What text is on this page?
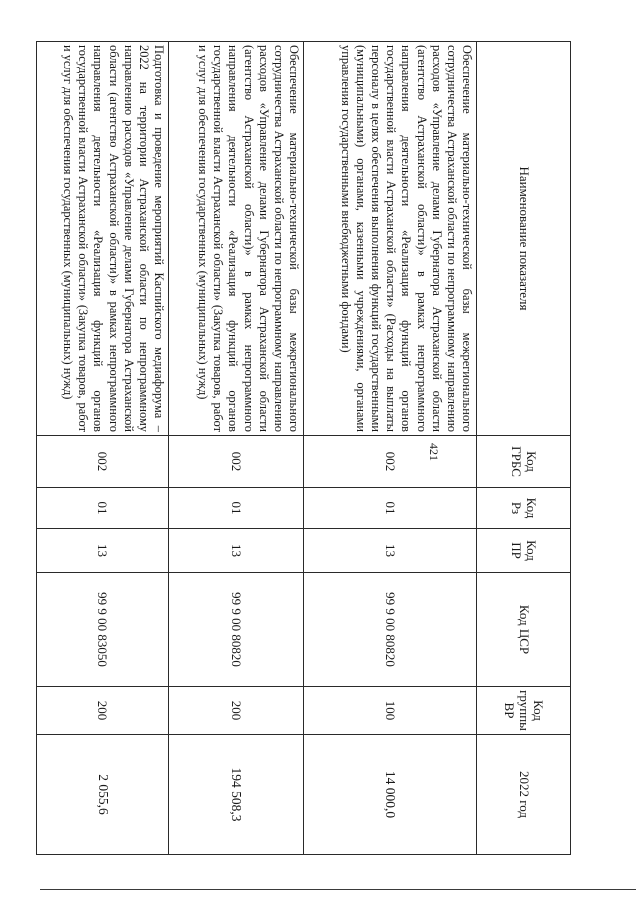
421
Наименование показателя	Код ГРБС	Код Рз	Код ПР	Код ЦСР	Код группы ВР	2022 год
Обеспечение материально-технической базы межрегионального сотрудничества Астраханской области по непрограммному направлению расходов «Управление делами Губернатора Астраханской области (агентство Астраханской области)» в рамках непрограммного направления деятельности «Реализация функций органов государственной власти Астраханской области» (Расходы на выплаты персоналу в целях обеспечения выполнения функций государственными (муниципальными) органами, казенными учреждениями, органами управления государственными внебюджетными фондами)	002	01	13	99 9 00 80820	100	14 000,0
Обеспечение материально-технической базы межрегионального сотрудничества Астраханской области по непрограммному направлению расходов «Управление делами Губернатора Астраханской области (агентство Астраханской области)» в рамках непрограммного направления деятельности «Реализация функций органов государственной власти Астраханской области» (Закупка товаров, работ и услуг для обеспечения государственных (муниципальных) нужд)	002	01	13	99 9 00 80820	200	194 508,3
Подготовка и проведение мероприятий Каспийского медиафорума – 2022 на территории Астраханской области по непрограммному направлению расходов «Управление делами Губернатора Астраханской области (агентство Астраханской области)» в рамках непрограммного направления деятельности «Реализация функций органов государственной власти Астраханской области» (Закупка товаров, работ и услуг для обеспечения государственных (муниципальных) нужд)	002	01	13	99 9 00 83050	200	2 055,6
